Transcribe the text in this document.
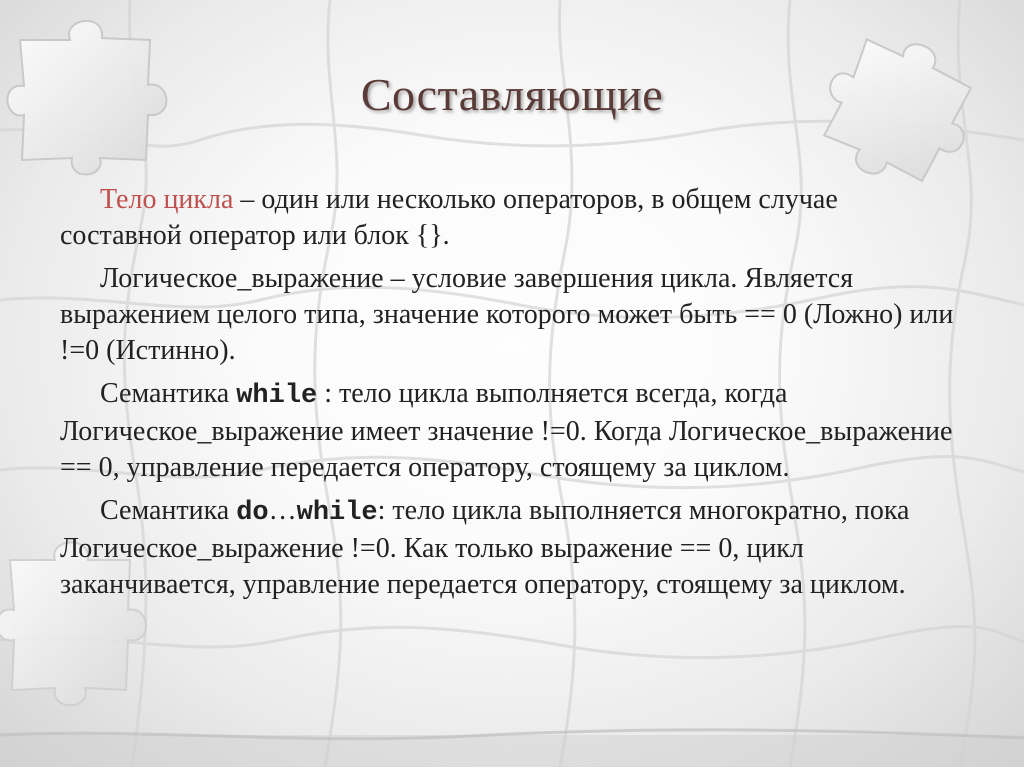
Составляющие

Тело цикла – один или несколько операторов, в общем случае составной оператор или блок {}.

Логическое_выражение – условие завершения цикла. Является выражением целого типа, значение которого может быть == 0 (Ложно) или !=0 (Истинно).

Семантика while : тело цикла выполняется всегда, когда Логическое_выражение имеет значение !=0. Когда Логическое_выражение == 0, управление передается оператору, стоящему за циклом.

Семантика do…while: тело цикла выполняется многократно, пока Логическое_выражение !=0. Как только выражение == 0, цикл заканчивается, управление передается оператору, стоящему за циклом.
